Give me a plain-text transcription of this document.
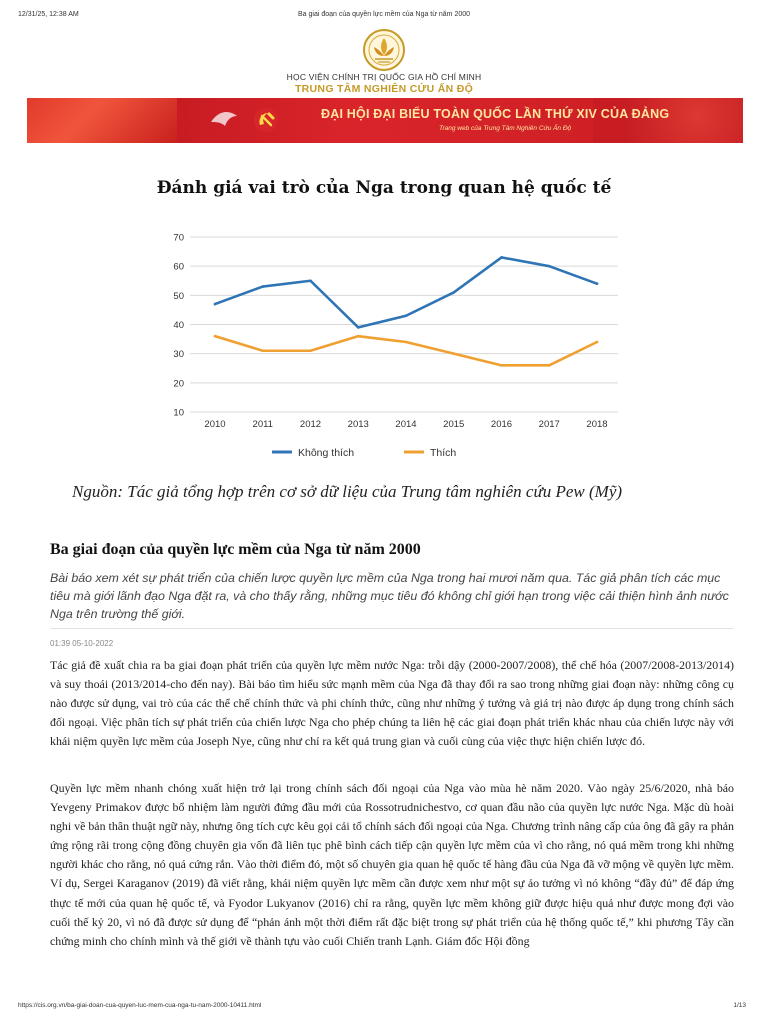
12/31/25, 12:38 AM	Ba giai đoạn của quyền lực mềm của Nga từ năm 2000
HỌC VIỆN CHÍNH TRỊ QUỐC GIA HỒ CHÍ MINH
TRUNG TÂM NGHIÊN CỨU ẤN ĐỘ
ĐẠI HỘI ĐẠI BIỂU TOÀN QUỐC LẦN THỨ XIV CỦA ĐẢNG
Trang web của Trung Tâm Nghiên Cứu Ấn Độ
Đánh giá vai trò của Nga trong quan hệ quốc tế
10
20
30
40
50
60
70
2010	2011	2012	2013	2014	2015	2016	2017	2018
Không thích	Thích
Nguồn: Tác giả tổng hợp trên cơ sở dữ liệu của Trung tâm nghiên cứu Pew (Mỹ)
Ba giai đoạn của quyền lực mềm của Nga từ năm 2000
Bài báo xem xét sự phát triển của chiến lược quyền lực mềm của Nga trong hai mươi năm qua. Tác giả phân tích các mục tiêu mà giới lãnh đạo Nga đặt ra, và cho thấy rằng, những mục tiêu đó không chỉ giới hạn trong việc cải thiện hình ảnh nước Nga trên trường thế giới.
01:39 05-10-2022
Tác giả đề xuất chia ra ba giai đoạn phát triển của quyền lực mềm nước Nga: trỗi dậy (2000-2007/2008), thể chế hóa (2007/2008-2013/2014) và suy thoái (2013/2014-cho đến nay). Bài báo tìm hiểu sức mạnh mềm của Nga đã thay đổi ra sao trong những giai đoạn này: những công cụ nào được sử dụng, vai trò của các thể chế chính thức và phi chính thức, cũng như những ý tưởng và giá trị nào được áp dụng trong chính sách đối ngoại. Việc phân tích sự phát triển của chiến lược Nga cho phép chúng ta liên hệ các giai đoạn phát triển khác nhau của chiến lược này với khái niệm quyền lực mềm của Joseph Nye, cũng như chỉ ra kết quả trung gian và cuối cùng của việc thực hiện chiến lược đó.
Quyền lực mềm nhanh chóng xuất hiện trở lại trong chính sách đối ngoại của Nga vào mùa hè năm 2020. Vào ngày 25/6/2020, nhà báo Yevgeny Primakov được bổ nhiệm làm người đứng đầu mới của Rossotrudnichestvo, cơ quan đầu não của quyền lực nước Nga. Mặc dù hoài nghi về bản thân thuật ngữ này, nhưng ông tích cực kêu gọi cải tổ chính sách đối ngoại của Nga. Chương trình nâng cấp của ông đã gây ra phản ứng rộng rãi trong cộng đồng chuyên gia vốn đã liên tục phê bình cách tiếp cận quyền lực mềm của vì cho rằng, nó quá mềm trong khi những người khác cho rằng, nó quá cứng rắn. Vào thời điểm đó, một số chuyên gia quan hệ quốc tế hàng đầu của Nga đã vỡ mộng về quyền lực mềm. Ví dụ, Sergei Karaganov (2019) đã viết rằng, khái niệm quyền lực mềm cần được xem như một sự ảo tưởng vì nó không “đầy đủ” để đáp ứng thực tế mới của quan hệ quốc tế, và Fyodor Lukyanov (2016) chỉ ra rằng, quyền lực mềm không giữ được hiệu quả như được mong đợi vào cuối thế kỷ 20, vì nó đã được sử dụng để “phản ánh một thời điểm rất đặc biệt trong sự phát triển của hệ thống quốc tế,” khi phương Tây cần chứng minh cho chính mình và thế giới về thành tựu vào cuối Chiến tranh Lạnh. Giám đốc Hội đồng
https://cis.org.vn/ba-giai-doan-cua-quyen-luc-mem-cua-nga-tu-nam-2000-10411.html	1/13
